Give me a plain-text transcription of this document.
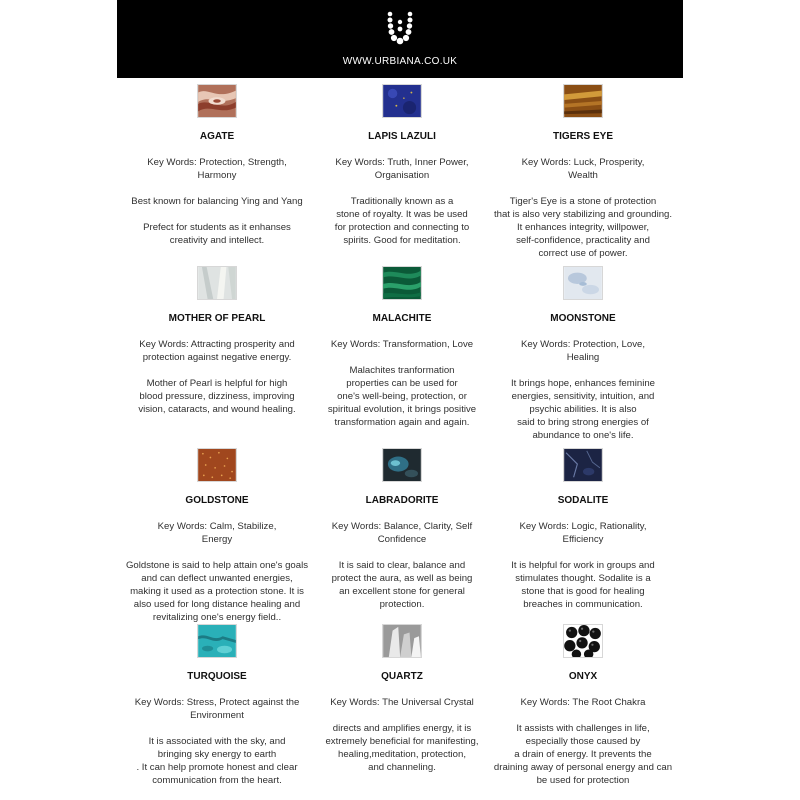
WWW.URBIANA.CO.UK
AGATE
Key Words: Protection, Strength,
Harmony

Best known for balancing Ying and Yang

Prefect for students as it enhanses
creativity and intellect.
LAPIS LAZULI
Key Words: Truth, Inner Power,
Organisation

Traditionally known as a
stone of royalty. It was be used
for protection and connecting to
spirits. Good for meditation.
TIGERS EYE
Key Words: Luck, Prosperity,
Wealth

Tiger's Eye is a stone of protection
that is also very stabilizing and grounding.
It enhances integrity, willpower,
self-confidence, practicality and
correct use of power.
MOTHER OF PEARL
Key Words: Attracting prosperity and
protection against negative energy.

Mother of Pearl is helpful for high
blood pressure, dizziness, improving
vision, cataracts, and wound healing.
MALACHITE
Key Words: Transformation, Love

Malachites tranformation
properties can be used for
one's well-being, protection, or
spiritual evolution, it brings positive
transformation again and again.
MOONSTONE
Key Words: Protection, Love,
Healing

It brings hope, enhances feminine
energies, sensitivity, intuition, and
psychic abilities. It is also
said to bring strong energies of
abundance to one's life.
GOLDSTONE
Key Words: Calm, Stabilize,
Energy

Goldstone is said to help attain one's goals
and can deflect unwanted energies,
making it used as a protection stone. It is
also used for long distance healing and
revitalizing one's energy field..
LABRADORITE
Key Words: Balance, Clarity, Self
Confidence

It is said to clear, balance and
protect the aura, as well as being
an excellent stone for general
protection.
SODALITE
Key Words: Logic, Rationality,
Efficiency

It is helpful for work in groups and
stimulates thought. Sodalite is a
stone that is good for healing
breaches in communication.
TURQUOISE
Key Words: Stress, Protect against the
Environment

It is associated with the sky, and
bringing sky energy to earth
. It can help promote honest and clear
communication from the heart.
QUARTZ
Key Words: The Universal Crystal

directs and amplifies energy, it is
extremely beneficial for manifesting,
healing,meditation, protection,
and channeling.
ONYX
Key Words: The Root Chakra

It assists with challenges in life,
especially those caused by
a drain of energy. It prevents the
draining away of personal energy and can
be used for protection
